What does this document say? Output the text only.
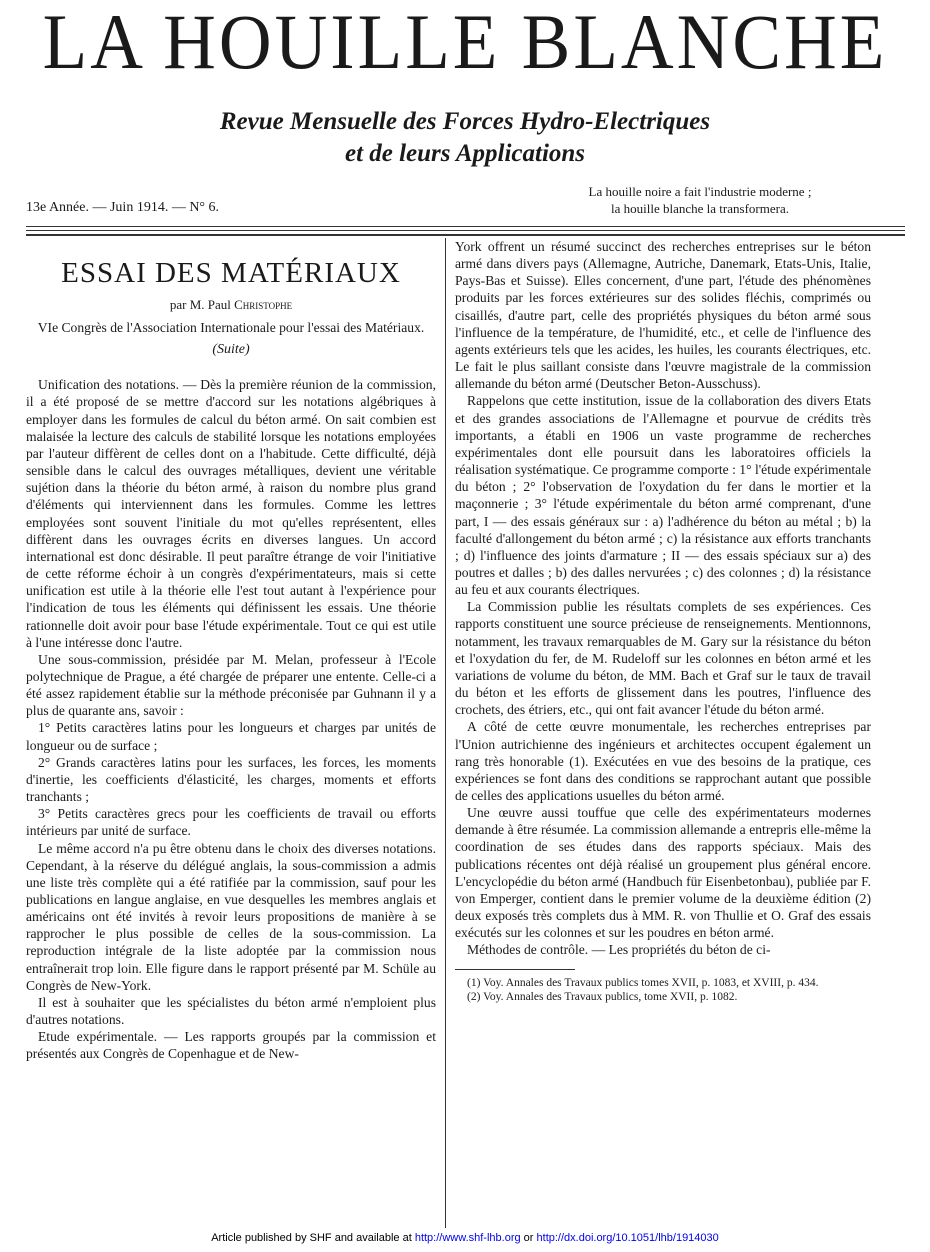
LA HOUILLE BLANCHE
Revue Mensuelle des Forces Hydro-Electriques
et de leurs Applications
13e Année. — Juin 1914. — N° 6.
La houille noire a fait l'industrie moderne ;
la houille blanche la transformera.
ESSAI DES MATÉRIAUX
par M. Paul Christophe
VIe Congrès de l'Association Internationale pour l'essai des Matériaux.
(Suite)

Unification des notations. — Dès la première réunion de la commission, il a été proposé de se mettre d'accord sur les notations algébriques à employer dans les formules de calcul du béton armé. On sait combien est malaisée la lecture des calculs de stabilité lorsque les notations employées par l'auteur diffèrent de celles dont on a l'habitude. Cette difficulté, déjà sensible dans le calcul des ouvrages métalliques, devient une véritable sujétion dans la théorie du béton armé, à raison du nombre plus grand d'éléments qui interviennent dans les formules. Comme les lettres employées sont souvent l'initiale du mot qu'elles représentent, elles diffèrent dans les ouvrages écrits en diverses langues. Un accord international est donc désirable. Il peut paraître étrange de voir l'initiative de cette réforme échoir à un congrès d'expérimentateurs, mais si cette unification est utile à la théorie elle l'est tout autant à l'expérience pour l'indication de tous les éléments qui définissent les essais. Une théorie rationnelle doit avoir pour base l'étude expérimentale. Tout ce qui est utile à l'une intéresse donc l'autre.

Une sous-commission, présidée par M. Melan, professeur à l'Ecole polytechnique de Prague, a été chargée de préparer une entente. Celle-ci a été assez rapidement établie sur la méthode préconisée par Guhnann il y a plus de quarante ans, savoir :

1° Petits caractères latins pour les longueurs et charges par unités de longueur ou de surface ;

2° Grands caractères latins pour les surfaces, les forces, les moments d'inertie, les coefficients d'élasticité, les charges, moments et efforts tranchants ;

3° Petits caractères grecs pour les coefficients de travail ou efforts intérieurs par unité de surface.

Le même accord n'a pu être obtenu dans le choix des diverses notations. Cependant, à la réserve du délégué anglais, la sous-commission a admis une liste très complète qui a été ratifiée par la commission, sauf pour les publications en langue anglaise, en vue desquelles les membres anglais et américains ont été invités à revoir leurs propositions de manière à se rapprocher le plus possible de celles de la sous-commission. La reproduction intégrale de la liste adoptée par la commission nous entraînerait trop loin. Elle figure dans le rapport présenté par M. Schüle au Congrès de New-York.

Il est à souhaiter que les spécialistes du béton armé n'emploient plus d'autres notations.

Etude expérimentale. — Les rapports groupés par la commission et présentés aux Congrès de Copenhague et de New-

York offrent un résumé succinct des recherches entreprises sur le béton armé dans divers pays (Allemagne, Autriche, Danemark, Etats-Unis, Italie, Pays-Bas et Suisse). Elles concernent, d'une part, l'étude des phénomènes produits par les forces extérieures sur des solides fléchis, comprimés ou cisaillés, d'autre part, celle des propriétés physiques du béton armé sous l'influence de la température, de l'humidité, etc., et celle de l'influence des agents extérieurs tels que les acides, les huiles, les courants électriques, etc. Le fait le plus saillant consiste dans l'œuvre magistrale de la commission allemande du béton armé (Deutscher Beton-Ausschuss).

Rappelons que cette institution, issue de la collaboration des divers Etats et des grandes associations de l'Allemagne et pourvue de crédits très importants, a établi en 1906 un vaste programme de recherches expérimentales dont elle poursuit dans les laboratoires officiels la réalisation systématique. Ce programme comporte : 1° l'étude expérimentale du béton ; 2° l'observation de l'oxydation du fer dans le mortier et la maçonnerie ; 3° l'étude expérimentale du béton armé comprenant, d'une part, I — des essais généraux sur : a) l'adhérence du béton au métal ; b) la faculté d'allongement du béton armé ; c) la résistance aux efforts tranchants ; d) l'influence des joints d'armature ; II — des essais spéciaux sur a) des poutres et dalles ; b) des dalles nervurées ; c) des colonnes ; d) la résistance au feu et aux courants électriques.

La Commission publie les résultats complets de ses expériences. Ces rapports constituent une source précieuse de renseignements. Mentionnons, notamment, les travaux remarquables de M. Gary sur la résistance du béton et l'oxydation du fer, de M. Rudeloff sur les colonnes en béton armé et les variations de volume du béton, de MM. Bach et Graf sur le taux de travail du béton et les efforts de glissement dans les poutres, l'influence des crochets, des étriers, etc., qui ont fait avancer l'étude du béton armé.

A côté de cette œuvre monumentale, les recherches entreprises par l'Union autrichienne des ingénieurs et architectes occupent également un rang très honorable (1). Exécutées en vue des besoins de la pratique, ces expériences se font dans des conditions se rapprochant autant que possible de celles des applications usuelles du béton armé.

Une œuvre aussi touffue que celle des expérimentateurs modernes demande à être résumée. La commission allemande a entrepris elle-même la coordination de ses études dans des rapports spéciaux. Mais des publications récentes ont déjà réalisé un groupement plus général encore. L'encyclopédie du béton armé (Handbuch für Eisenbetonbau), publiée par F. von Emperger, contient dans le premier volume de la deuxième édition (2) deux exposés très complets dus à MM. R. von Thullie et O. Graf des essais exécutés sur les colonnes et sur les poudres en béton armé.

Méthodes de contrôle. — Les propriétés du béton de ci-

(1) Voy. Annales des Travaux publics tomes XVII, p. 1083, et XVIII, p. 434.

(2) Voy. Annales des Travaux publics, tome XVII, p. 1082.

Article published by SHF and available at http://www.shf-lhb.org or http://dx.doi.org/10.1051/lhb/1914030
